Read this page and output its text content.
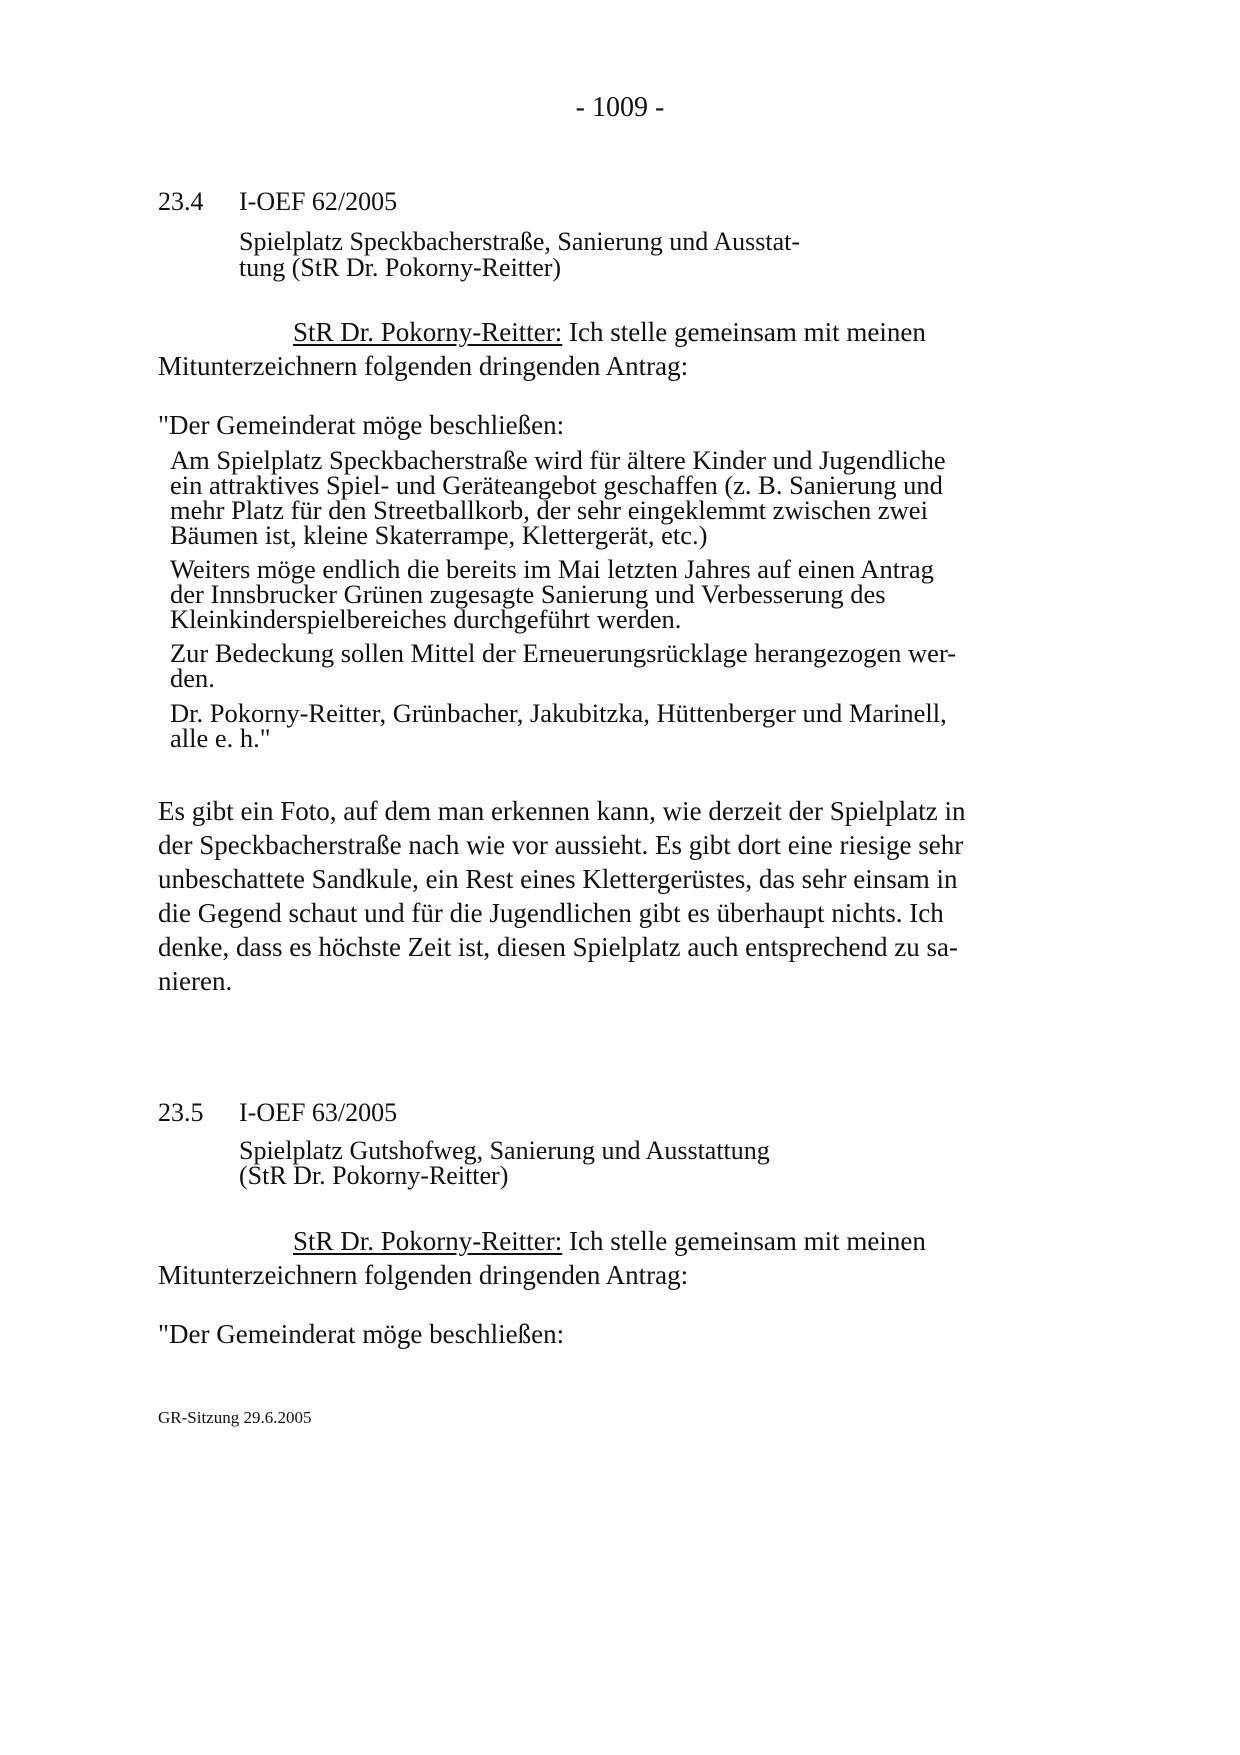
- 1009 -
23.4 I-OEF 62/2005
Spielplatz Speckbacherstraße, Sanierung und Ausstat-
tung (StR Dr. Pokorny-Reitter)
StR Dr. Pokorny-Reitter: Ich stelle gemeinsam mit meinen
Mitunterzeichnern folgenden dringenden Antrag:
"Der Gemeinderat möge beschließen:
Am Spielplatz Speckbacherstraße wird für ältere Kinder und Jugendliche
ein attraktives Spiel- und Geräteangebot geschaffen (z. B. Sanierung und
mehr Platz für den Streetballkorb, der sehr eingeklemmt zwischen zwei
Bäumen ist, kleine Skaterrampe, Klettergerät, etc.)
Weiters möge endlich die bereits im Mai letzten Jahres auf einen Antrag
der Innsbrucker Grünen zugesagte Sanierung und Verbesserung des
Kleinkinderspielbereiches durchgeführt werden.
Zur Bedeckung sollen Mittel der Erneuerungsrücklage herangezogen wer-
den.
Dr. Pokorny-Reitter, Grünbacher, Jakubitzka, Hüttenberger und Marinell,
alle e. h."
Es gibt ein Foto, auf dem man erkennen kann, wie derzeit der Spielplatz in
der Speckbacherstraße nach wie vor aussieht. Es gibt dort eine riesige sehr
unbeschattete Sandkule, ein Rest eines Klettergerüstes, das sehr einsam in
die Gegend schaut und für die Jugendlichen gibt es überhaupt nichts. Ich
denke, dass es höchste Zeit ist, diesen Spielplatz auch entsprechend zu sa-
nieren.
23.5 I-OEF 63/2005
Spielplatz Gutshofweg, Sanierung und Ausstattung
(StR Dr. Pokorny-Reitter)
StR Dr. Pokorny-Reitter: Ich stelle gemeinsam mit meinen
Mitunterzeichnern folgenden dringenden Antrag:
"Der Gemeinderat möge beschließen:
GR-Sitzung 29.6.2005
